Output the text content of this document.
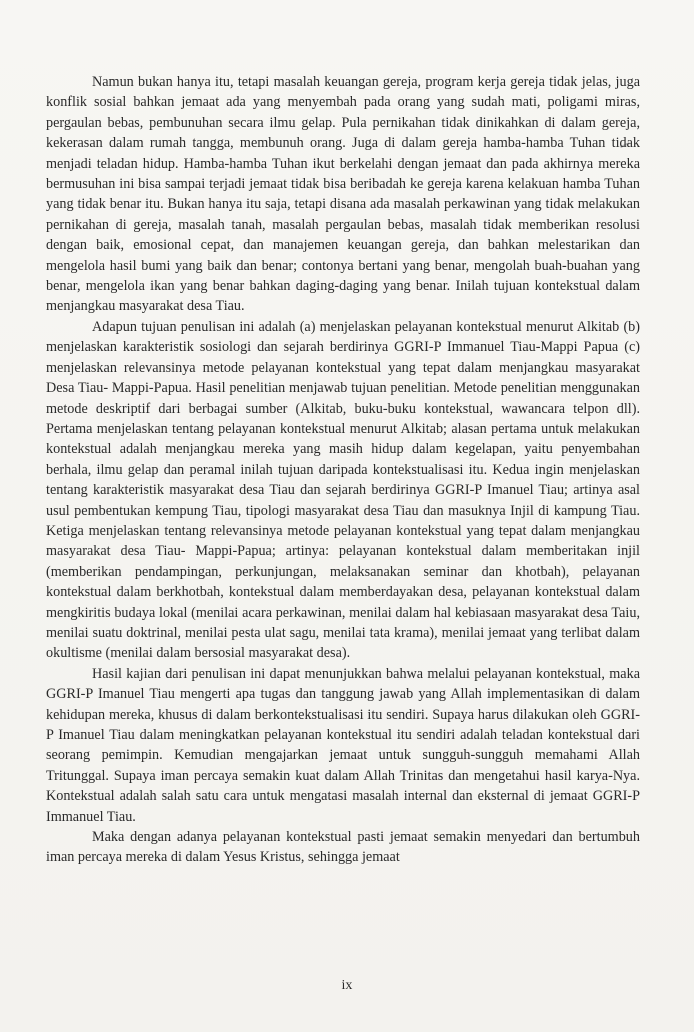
Namun bukan hanya itu, tetapi masalah keuangan gereja, program kerja gereja tidak jelas, juga konflik sosial bahkan jemaat ada yang menyembah pada orang yang sudah mati, poligami miras, pergaulan bebas, pembunuhan secara ilmu gelap. Pula pernikahan tidak dinikahkan di dalam gereja, kekerasan dalam rumah tangga, membunuh orang. Juga di dalam gereja hamba-hamba Tuhan tidak menjadi teladan hidup. Hamba-hamba Tuhan ikut berkelahi dengan jemaat dan pada akhirnya mereka bermusuhan ini bisa sampai terjadi jemaat tidak bisa beribadah ke gereja karena kelakuan hamba Tuhan yang tidak benar itu. Bukan hanya itu saja, tetapi disana ada masalah perkawinan yang tidak melakukan pernikahan di gereja, masalah tanah, masalah pergaulan bebas, masalah tidak memberikan resolusi dengan baik, emosional cepat, dan manajemen keuangan gereja, dan bahkan melestarikan dan mengelola hasil bumi yang baik dan benar; contonya bertani yang benar, mengolah buah-buahan yang benar, mengelola ikan yang benar bahkan daging-daging yang benar. Inilah tujuan kontekstual dalam menjangkau masyarakat desa Tiau.

Adapun tujuan penulisan ini adalah (a) menjelaskan pelayanan kontekstual menurut Alkitab (b) menjelaskan karakteristik sosiologi dan sejarah berdirinya GGRI-P Immanuel Tiau-Mappi Papua (c) menjelaskan relevansinya metode pelayanan kontekstual yang tepat dalam menjangkau masyarakat Desa Tiau- Mappi-Papua. Hasil penelitian menjawab tujuan penelitian. Metode penelitian menggunakan metode deskriptif dari berbagai sumber (Alkitab, buku-buku kontekstual, wawancara telpon dll). Pertama menjelaskan tentang pelayanan kontekstual menurut Alkitab; alasan pertama untuk melakukan kontekstual adalah menjangkau mereka yang masih hidup dalam kegelapan, yaitu penyembahan berhala, ilmu gelap dan peramal inilah tujuan daripada kontekstualisasi itu. Kedua ingin menjelaskan tentang karakteristik masyarakat desa Tiau dan sejarah berdirinya GGRI-P Imanuel Tiau; artinya asal usul pembentukan kempung Tiau, tipologi masyarakat desa Tiau dan masuknya Injil di kampung Tiau. Ketiga menjelaskan tentang relevansinya metode pelayanan kontekstual yang tepat dalam menjangkau masyarakat desa Tiau- Mappi-Papua; artinya: pelayanan kontekstual dalam memberitakan injil (memberikan pendampingan, perkunjungan, melaksanakan seminar dan khotbah), pelayanan kontekstual dalam berkhotbah, kontekstual dalam memberdayakan desa, pelayanan kontekstual dalam mengkiritis budaya lokal (menilai acara perkawinan, menilai dalam hal kebiasaan masyarakat desa Taiu, menilai suatu doktrinal, menilai pesta ulat sagu, menilai tata krama), menilai jemaat yang terlibat dalam okultisme (menilai dalam bersosial masyarakat desa).

Hasil kajian dari penulisan ini dapat menunjukkan bahwa melalui pelayanan kontekstual, maka GGRI-P Imanuel Tiau mengerti apa tugas dan tanggung jawab yang Allah implementasikan di dalam kehidupan mereka, khusus di dalam berkontekstualisasi itu sendiri. Supaya harus dilakukan oleh GGRI-P Imanuel Tiau dalam meningkatkan pelayanan kontekstual itu sendiri adalah teladan kontekstual dari seorang pemimpin. Kemudian mengajarkan jemaat untuk sungguh-sungguh memahami Allah Tritunggal. Supaya iman percaya semakin kuat dalam Allah Trinitas dan mengetahui hasil karya-Nya. Kontekstual adalah salah satu cara untuk mengatasi masalah internal dan eksternal di jemaat GGRI-P Immanuel Tiau.

Maka dengan adanya pelayanan kontekstual pasti jemaat semakin menyedari dan bertumbuh iman percaya mereka di dalam Yesus Kristus, sehingga jemaat

ix
